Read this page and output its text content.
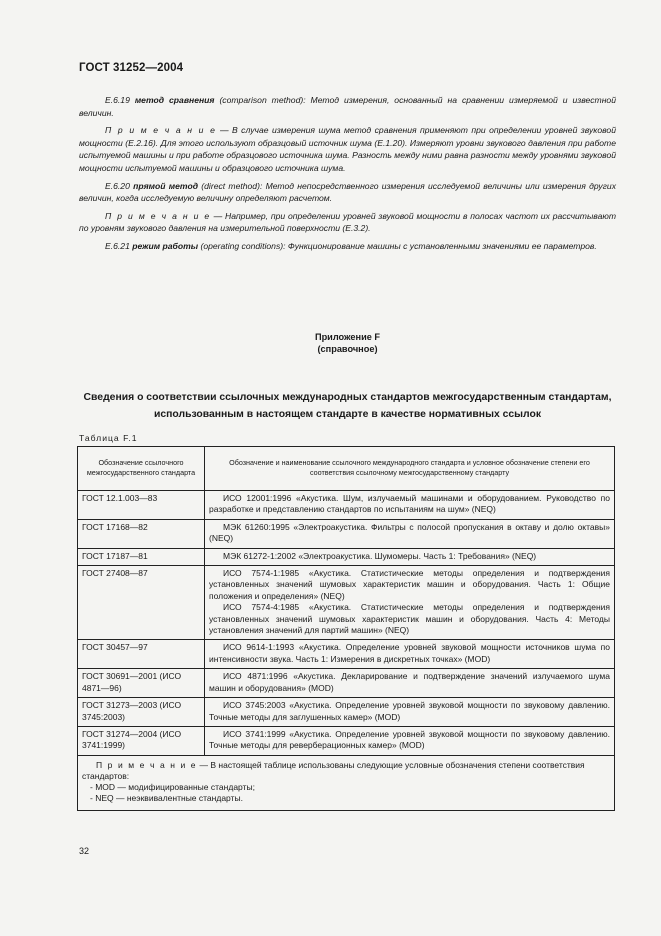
ГОСТ 31252—2004

Е.6.19 метод сравнения (comparison method): Метод измерения, основанный на сравнении измеряемой и известной величин.

П р и м е ч а н и е — В случае измерения шума метод сравнения применяют при определении уровней звуковой мощности (Е.2.16). Для этого используют образцовый источник шума (Е.1.20). Измеряют уровни звукового давления при работе испытуемой машины и при работе образцового источника шума. Разность между ними равна разности между уровнями звуковой мощности испытуемой машины и образцового источника шума.

Е.6.20 прямой метод (direct method): Метод непосредственного измерения исследуемой величины или измерения других величин, когда исследуемую величину определяют расчетом.

П р и м е ч а н и е — Например, при определении уровней звуковой мощности в полосах частот их рассчитывают по уровням звукового давления на измерительной поверхности (Е.3.2).

Е.6.21 режим работы (operating conditions): Функционирование машины с установленными значениями ее параметров.

Приложение F
(справочное)
Сведения о соответствии ссылочных международных стандартов межгосударственным стандартам, использованным в настоящем стандарте в качестве нормативных ссылок
Таблица F.1
Обозначение ссылочного межгосударственного стандарта	Обозначение и наименование ссылочного международного стандарта и условное обозначение степени его соответствия ссылочному межгосударственному стандарту
ГОСТ 12.1.003—83	ИСО 12001:1996 «Акустика. Шум, излучаемый машинами и оборудованием. Руководство по разработке и представлению стандартов по испытаниям на шум» (NEQ)

ГОСТ 17168—82	МЭК 61260:1995 «Электроакустика. Фильтры с полосой пропускания в октаву и долю октавы» (NEQ)

ГОСТ 17187—81	МЭК 61272-1:2002 «Электроакустика. Шумомеры. Часть 1: Требования» (NEQ)

ГОСТ 27408—87	ИСО 7574-1:1985 «Акустика. Статистические методы определения и подтверждения установленных значений шумовых характеристик машин и оборудования. Часть 1: Общие положения и определения» (NEQ)
ИСО 7574-4:1985 «Акустика. Статистические методы определения и подтверждения установленных значений шумовых характеристик машин и оборудования. Часть 4: Методы установления значений для партий машин» (NEQ)

ГОСТ 30457—97	ИСО 9614-1:1993 «Акустика. Определение уровней звуковой мощности источников шума по интенсивности звука. Часть 1: Измерения в дискретных точках» (MOD)

ГОСТ 30691—2001 (ИСО 4871—96)	ИСО 4871:1996 «Акустика. Декларирование и подтверждение значений излучаемого шума машин и оборудования» (MOD)

ГОСТ 31273—2003 (ИСО 3745:2003)	ИСО 3745:2003 «Акустика. Определение уровней звуковой мощности по звуковому давлению. Точные методы для заглушенных камер» (MOD)

ГОСТ 31274—2004 (ИСО 3741:1999)	ИСО 3741:1999 «Акустика. Определение уровней звуковой мощности по звуковому давлению. Точные методы для реверберационных камер» (MOD)

П р и м е ч а н и е — В настоящей таблице использованы следующие условные обозначения степени соответствия стандартов:
- MOD — модифицированные стандарты;
- NEQ — неэквивалентные стандарты.	
32
